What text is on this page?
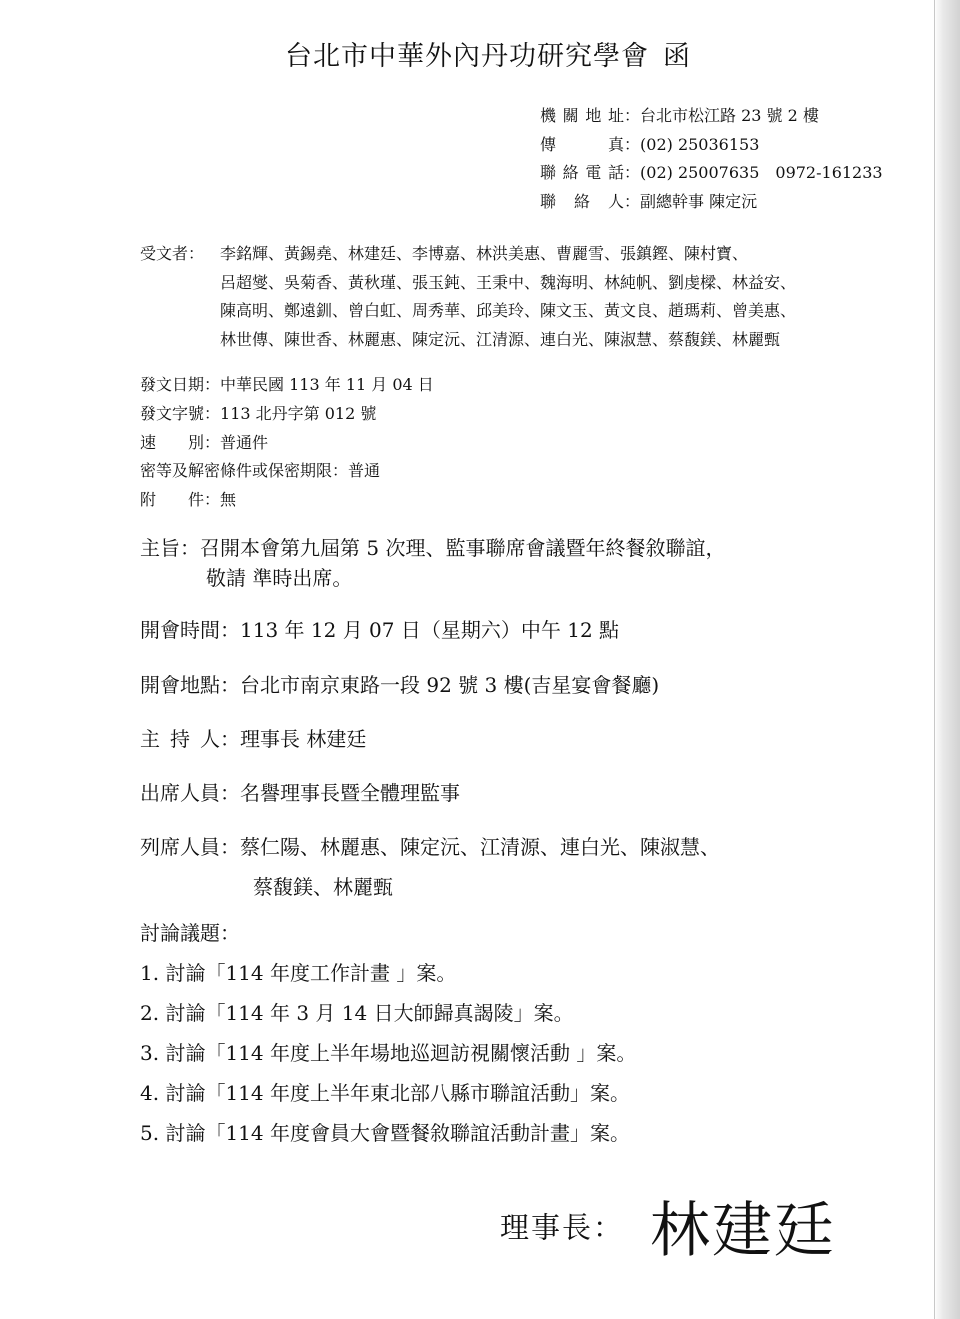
台北市中華外內丹功研究學會 函
機關地址：台北市松江路 23 號 2 樓
傳真：(02) 25036153
聯絡電話：(02) 25007635　0972-161233
聯絡人：副總幹事 陳定沅
受文者： 李銘輝、黃錫堯、林建廷、李博嘉、林洪美惠、曹麗雪、張鎮鏗、陳村寶、
呂超燮、吳菊香、黃秋瑾、張玉鈍、王秉中、魏海明、林純帆、劉虔樑、林益安、
陳高明、鄭遠釧、曾白虹、周秀華、邱美玲、陳文玉、黃文良、趙瑪莉、曾美惠、
林世傳、陳世香、林麗惠、陳定沅、江清源、連白光、陳淑慧、蔡馥鎂、林麗甄
發文日期：中華民國 113 年 11 月 04 日
發文字號：113 北丹字第 012 號
速別：普通件
密等及解密條件或保密期限：普通
附件：無
主旨：召開本會第九屆第 5 次理、監事聯席會議暨年終餐敘聯誼，
敬請 準時出席。
開會時間：113 年 12 月 07 日（星期六）中午 12 點
開會地點：台北市南京東路一段 92 號 3 樓(吉星宴會餐廳)
主持人：理事長 林建廷
出席人員：名譽理事長暨全體理監事
列席人員：蔡仁陽、林麗惠、陳定沅、江清源、連白光、陳淑慧、
蔡馥鎂、林麗甄
討論議題：
1. 討論「114 年度工作計畫 」案。
2. 討論「114 年 3 月 14 日大師歸真謁陵」案。
3. 討論「114 年度上半年場地巡迴訪視關懷活動 」案。
4. 討論「114 年度上半年東北部八縣市聯誼活動」案。
5. 討論「114 年度會員大會暨餐敘聯誼活動計畫」案。
理事長： 林建廷
